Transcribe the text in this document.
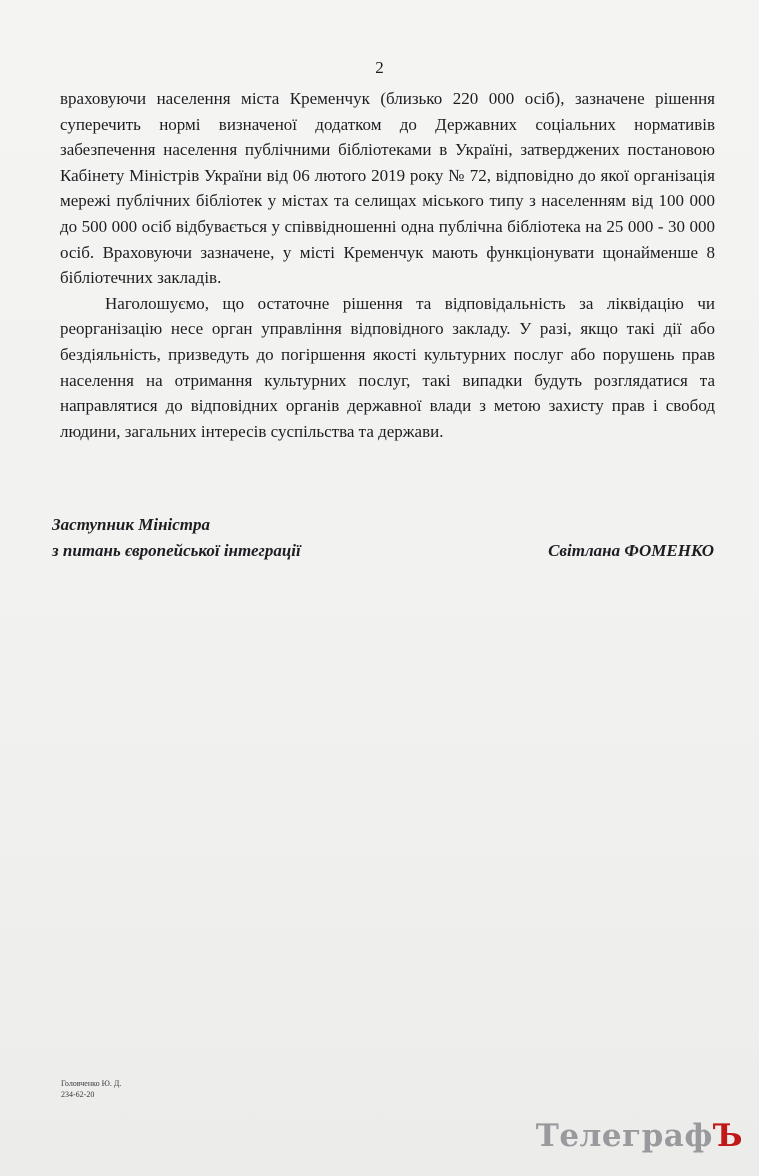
2

враховуючи населення міста Кременчук (близько 220 000 осіб), зазначене рішення суперечить нормі визначеної додатком до Державних соціальних нормативів забезпечення населення публічними бібліотеками в Україні, затверджених постановою Кабінету Міністрів України від 06 лютого 2019 року № 72, відповідно до якої організація мережі публічних бібліотек у містах та селищах міського типу з населенням від 100 000 до 500 000 осіб відбувається у співвідношенні одна публічна бібліотека на 25 000 - 30 000 осіб. Враховуючи зазначене, у місті Кременчук мають функціонувати щонайменше 8 бібліотечних закладів.

Наголошуємо, що остаточне рішення та відповідальність за ліквідацію чи реорганізацію несе орган управління відповідного закладу. У разі, якщо такі дії або бездіяльність, призведуть до погіршення якості культурних послуг або порушень прав населення на отримання культурних послуг, такі випадки будуть розглядатися та направлятися до відповідних органів державної влади з метою захисту прав і свобод людини, загальних інтересів суспільства та держави.

Заступник Міністра
з питань європейської інтеграції	Світлана ФОМЕНКО
Головченко Ю. Д.
234-62-20
ТелеграфЪ
